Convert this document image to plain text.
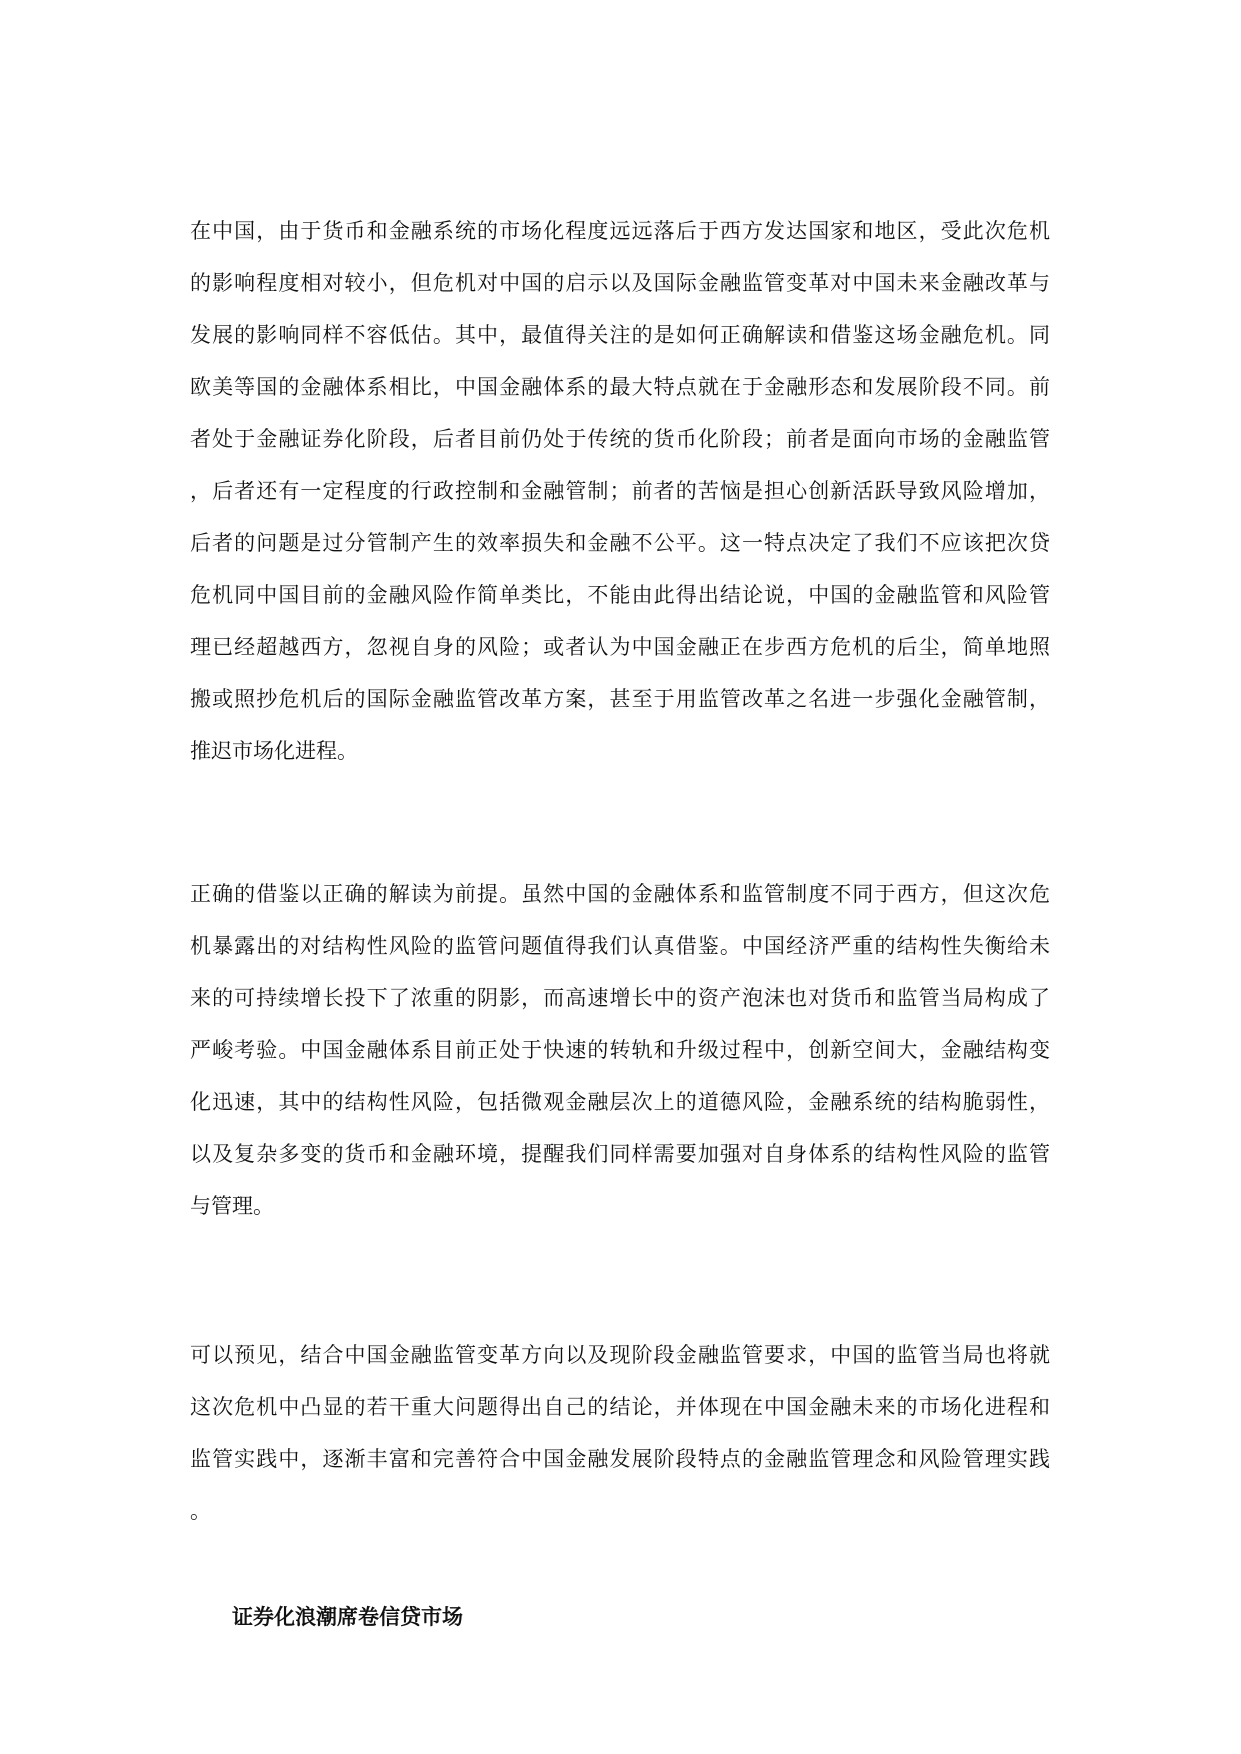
在中国，由于货币和金融系统的市场化程度远远落后于西方发达国家和地区，受此次危机
的影响程度相对较小，但危机对中国的启示以及国际金融监管变革对中国未来金融改革与
发展的影响同样不容低估。其中，最值得关注的是如何正确解读和借鉴这场金融危机。同
欧美等国的金融体系相比，中国金融体系的最大特点就在于金融形态和发展阶段不同。前
者处于金融证券化阶段，后者目前仍处于传统的货币化阶段；前者是面向市场的金融监管
，后者还有一定程度的行政控制和金融管制；前者的苦恼是担心创新活跃导致风险增加，
后者的问题是过分管制产生的效率损失和金融不公平。这一特点决定了我们不应该把次贷
危机同中国目前的金融风险作简单类比，不能由此得出结论说，中国的金融监管和风险管
理已经超越西方，忽视自身的风险；或者认为中国金融正在步西方危机的后尘，简单地照
搬或照抄危机后的国际金融监管改革方案，甚至于用监管改革之名进一步强化金融管制，
推迟市场化进程。
正确的借鉴以正确的解读为前提。虽然中国的金融体系和监管制度不同于西方，但这次危
机暴露出的对结构性风险的监管问题值得我们认真借鉴。中国经济严重的结构性失衡给未
来的可持续增长投下了浓重的阴影，而高速增长中的资产泡沫也对货币和监管当局构成了
严峻考验。中国金融体系目前正处于快速的转轨和升级过程中，创新空间大，金融结构变
化迅速，其中的结构性风险，包括微观金融层次上的道德风险，金融系统的结构脆弱性，
以及复杂多变的货币和金融环境，提醒我们同样需要加强对自身体系的结构性风险的监管
与管理。
可以预见，结合中国金融监管变革方向以及现阶段金融监管要求，中国的监管当局也将就
这次危机中凸显的若干重大问题得出自己的结论，并体现在中国金融未来的市场化进程和
监管实践中，逐渐丰富和完善符合中国金融发展阶段特点的金融监管理念和风险管理实践
。
证券化浪潮席卷信贷市场
